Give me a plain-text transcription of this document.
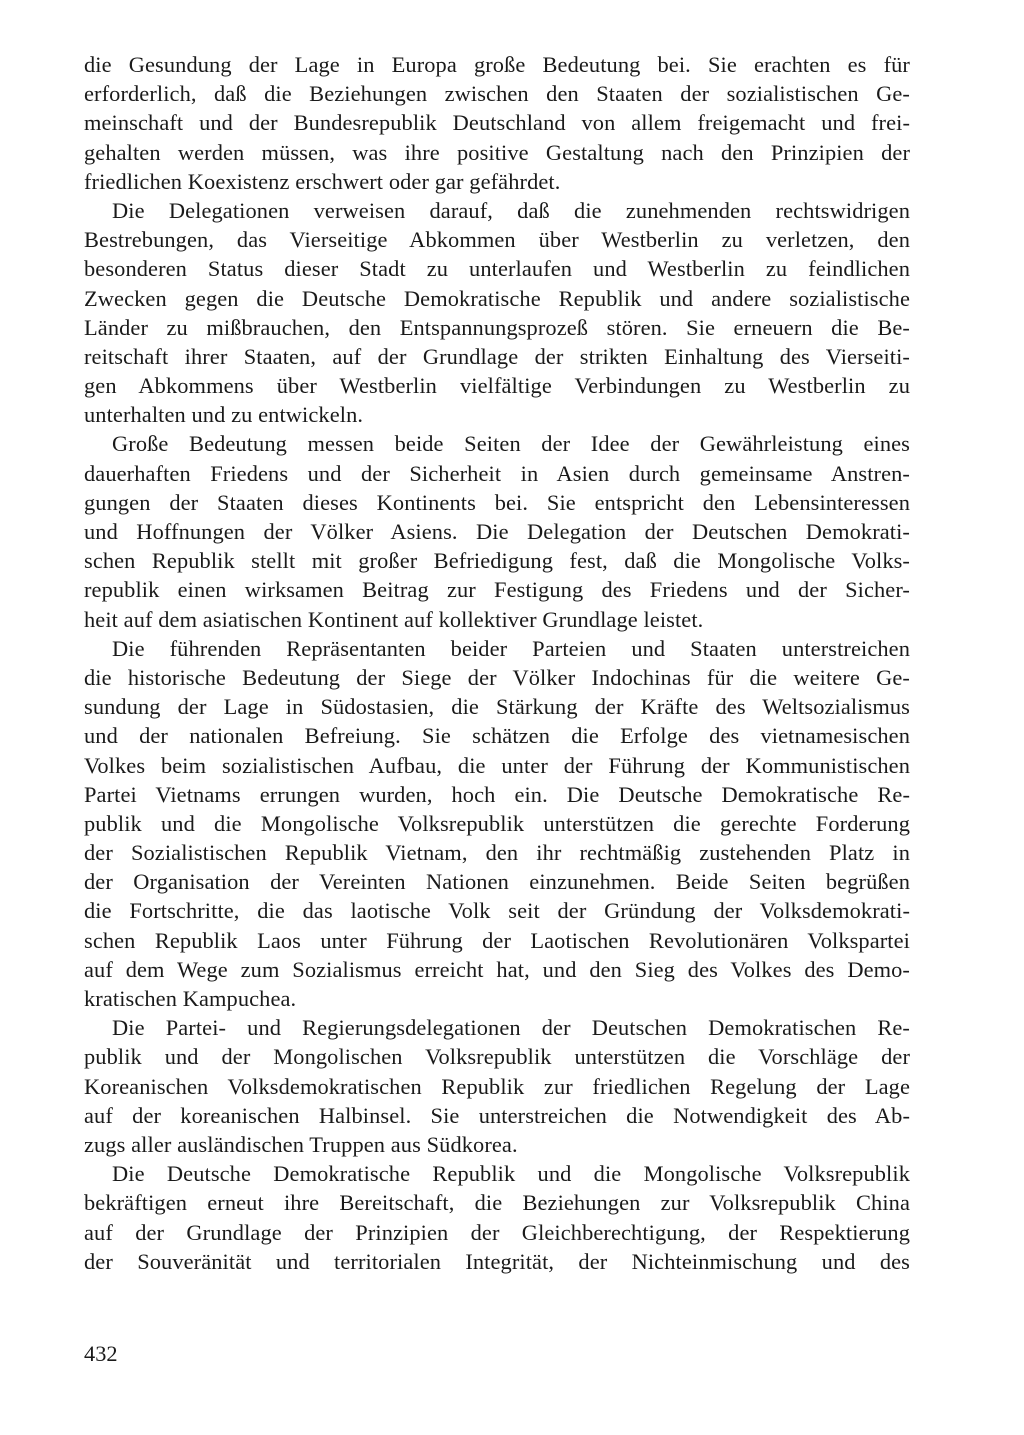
die Gesundung der Lage in Europa große Bedeutung bei. Sie erachten es für
erforderlich, daß die Beziehungen zwischen den Staaten der sozialistischen Ge-
meinschaft und der Bundesrepublik Deutschland von allem freigemacht und frei-
gehalten werden müssen, was ihre positive Gestaltung nach den Prinzipien der
friedlichen Koexistenz erschwert oder gar gefährdet.
Die Delegationen verweisen darauf, daß die zunehmenden rechtswidrigen
Bestrebungen, das Vierseitige Abkommen über Westberlin zu verletzen, den
besonderen Status dieser Stadt zu unterlaufen und Westberlin zu feindlichen
Zwecken gegen die Deutsche Demokratische Republik und andere sozialistische
Länder zu mißbrauchen, den Entspannungsprozeß stören. Sie erneuern die Be-
reitschaft ihrer Staaten, auf der Grundlage der strikten Einhaltung des Vierseiti-
gen Abkommens über Westberlin vielfältige Verbindungen zu Westberlin zu
unterhalten und zu entwickeln.
Große Bedeutung messen beide Seiten der Idee der Gewährleistung eines
dauerhaften Friedens und der Sicherheit in Asien durch gemeinsame Anstren-
gungen der Staaten dieses Kontinents bei. Sie entspricht den Lebensinteressen
und Hoffnungen der Völker Asiens. Die Delegation der Deutschen Demokrati-
schen Republik stellt mit großer Befriedigung fest, daß die Mongolische Volks-
republik einen wirksamen Beitrag zur Festigung des Friedens und der Sicher-
heit auf dem asiatischen Kontinent auf kollektiver Grundlage leistet.
Die führenden Repräsentanten beider Parteien und Staaten unterstreichen
die historische Bedeutung der Siege der Völker Indochinas für die weitere Ge-
sundung der Lage in Südostasien, die Stärkung der Kräfte des Weltsozialismus
und der nationalen Befreiung. Sie schätzen die Erfolge des vietnamesischen
Volkes beim sozialistischen Aufbau, die unter der Führung der Kommunistischen
Partei Vietnams errungen wurden, hoch ein. Die Deutsche Demokratische Re-
publik und die Mongolische Volksrepublik unterstützen die gerechte Forderung
der Sozialistischen Republik Vietnam, den ihr rechtmäßig zustehenden Platz in
der Organisation der Vereinten Nationen einzunehmen. Beide Seiten begrüßen
die Fortschritte, die das laotische Volk seit der Gründung der Volksdemokrati-
schen Republik Laos unter Führung der Laotischen Revolutionären Volkspartei
auf dem Wege zum Sozialismus erreicht hat, und den Sieg des Volkes des Demo-
kratischen Kampuchea.
Die Partei- und Regierungsdelegationen der Deutschen Demokratischen Re-
publik und der Mongolischen Volksrepublik unterstützen die Vorschläge der
Koreanischen Volksdemokratischen Republik zur friedlichen Regelung der Lage
auf der koreanischen Halbinsel. Sie unterstreichen die Notwendigkeit des Ab-
zugs aller ausländischen Truppen aus Südkorea.
Die Deutsche Demokratische Republik und die Mongolische Volksrepublik
bekräftigen erneut ihre Bereitschaft, die Beziehungen zur Volksrepublik China
auf der Grundlage der Prinzipien der Gleichberechtigung, der Respektierung
der Souveränität und territorialen Integrität, der Nichteinmischung und des
432
